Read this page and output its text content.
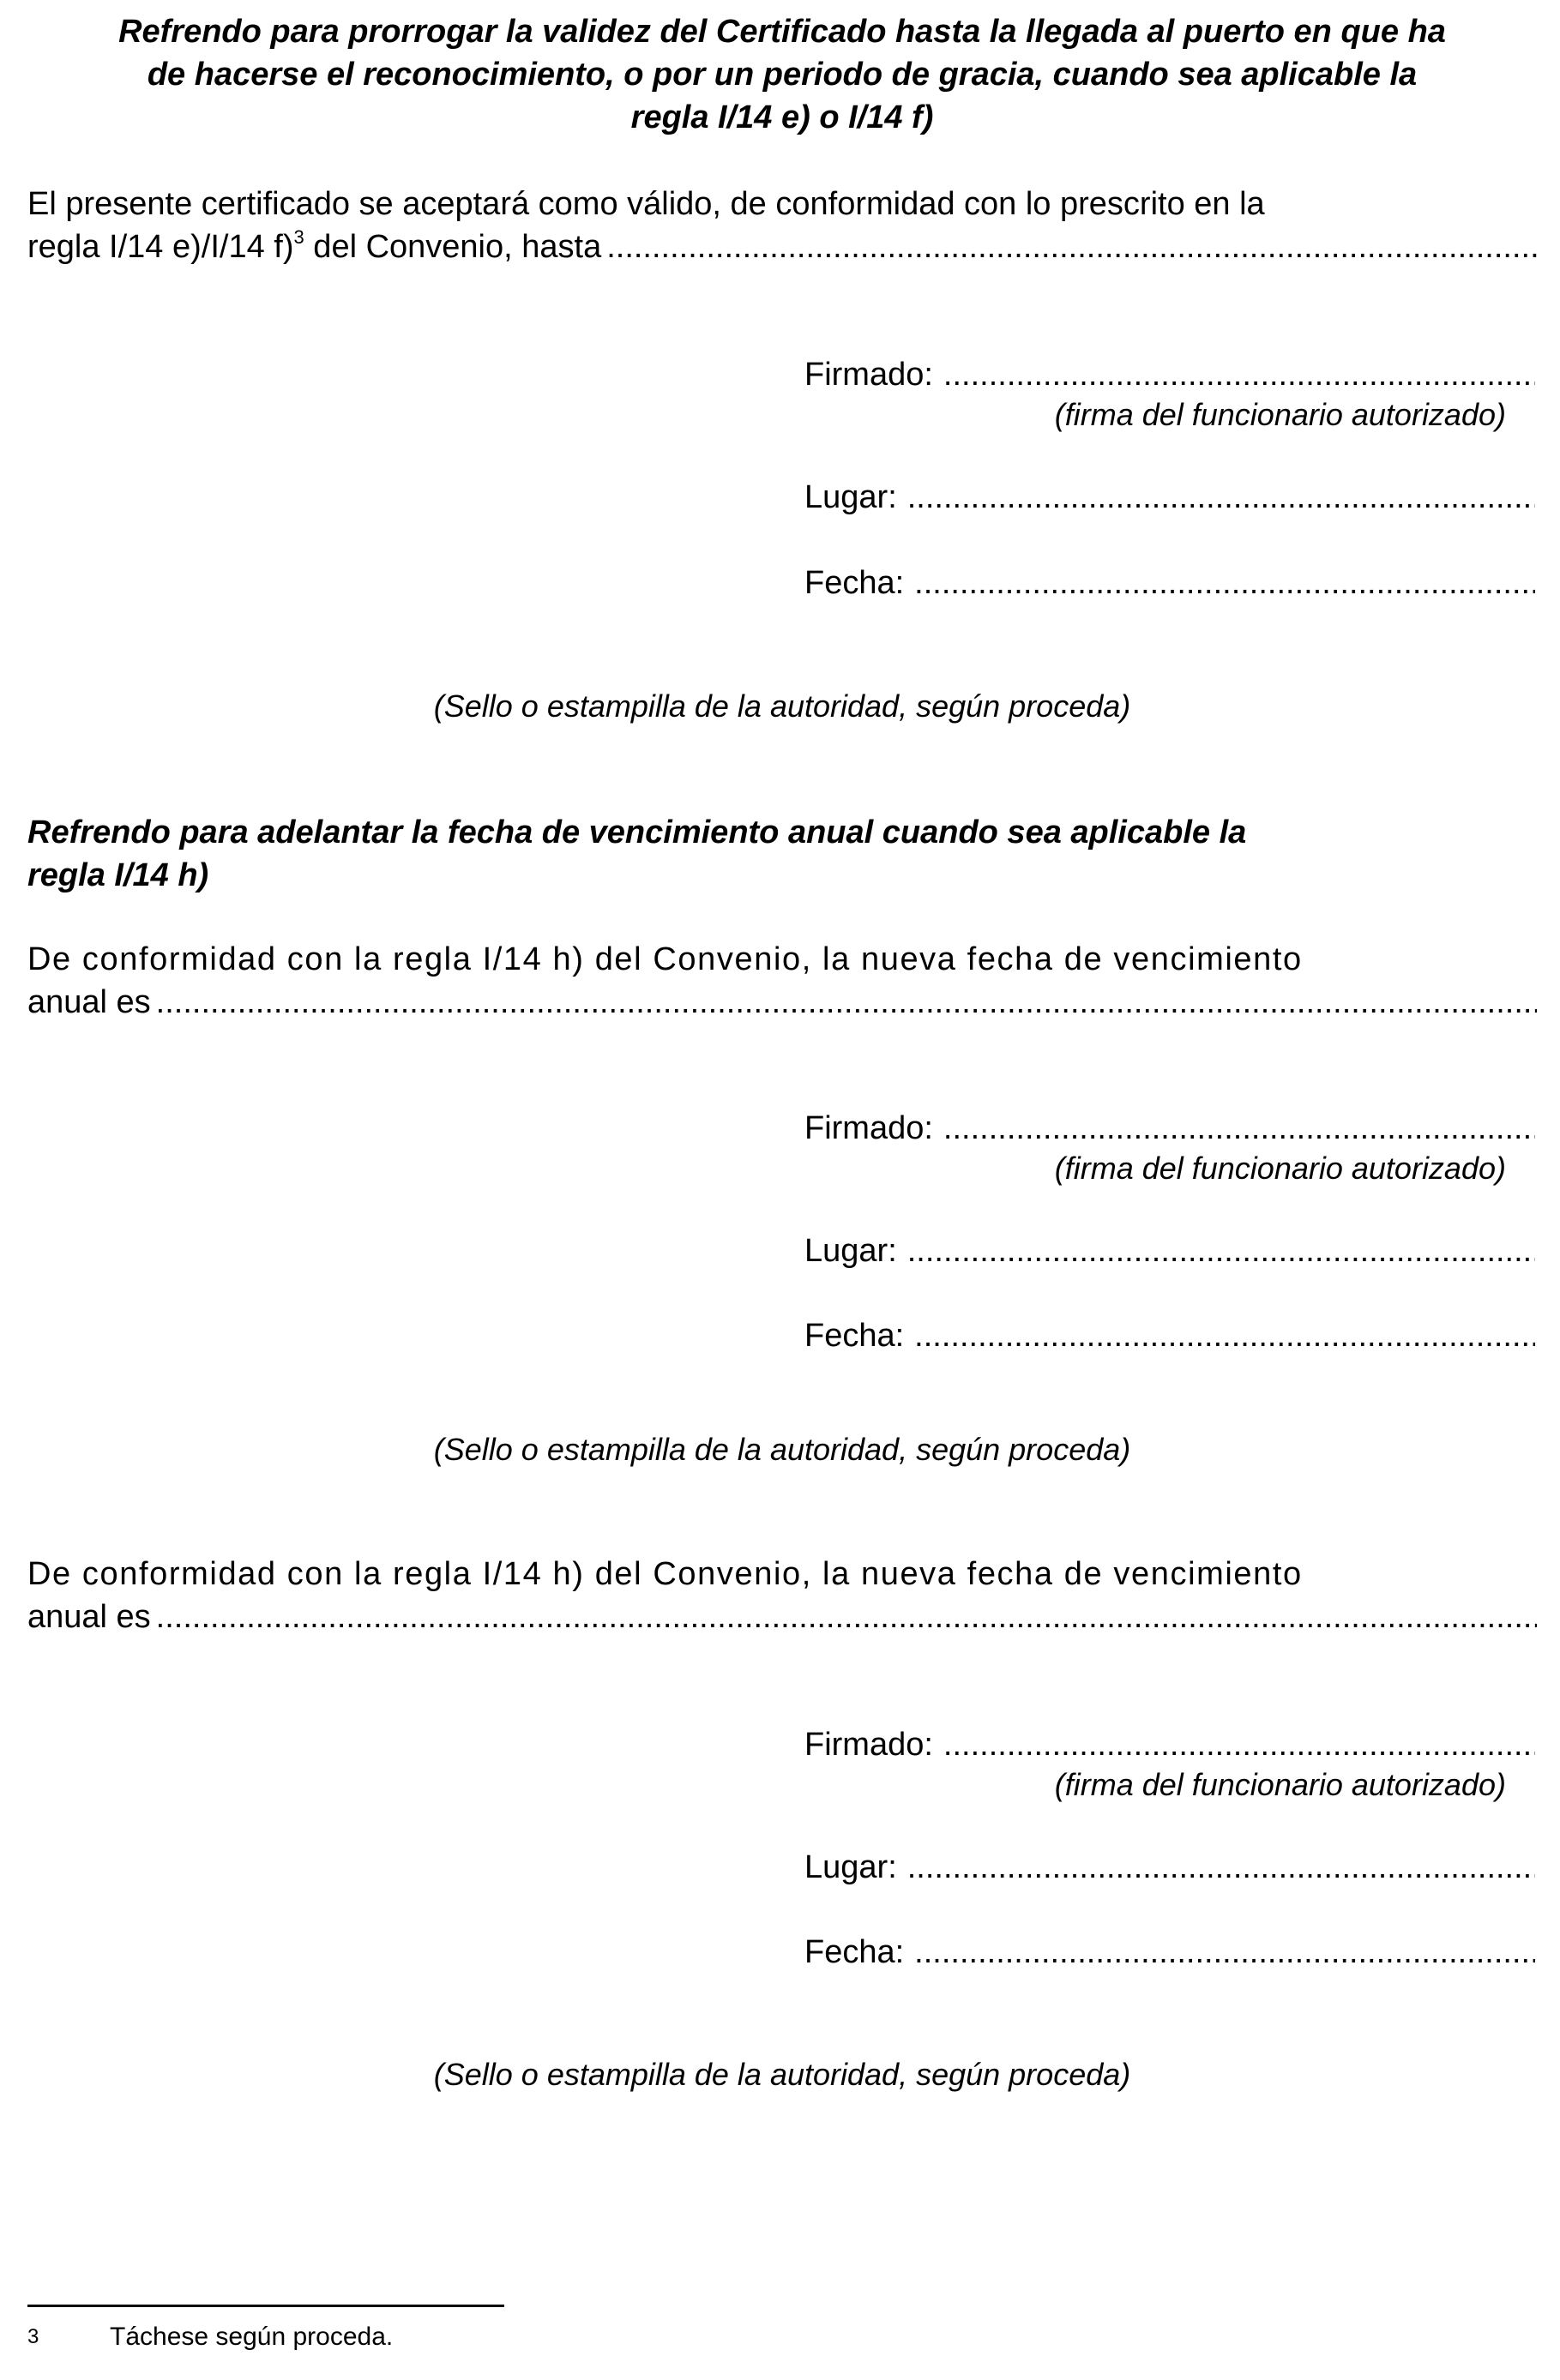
Refrendo para prorrogar la validez del Certificado hasta la llegada al puerto en que ha
de hacerse el reconocimiento, o por un periodo de gracia, cuando sea aplicable la
regla I/14 e) o I/14 f)
El presente certificado se aceptará como válido, de conformidad con lo prescrito en la
regla I/14 e)/I/14 f)$^3$ del Convenio, hasta
.....
Firmado:
.....
(firma del funcionario autorizado)
Lugar:
.....
Fecha:
.....
(Sello o estampilla de la autoridad, según proceda)
Refrendo para adelantar la fecha de vencimiento anual cuando sea aplicable la
regla I/14 h)
De conformidad con la regla I/14 h) del Convenio, la nueva fecha de vencimiento
anual es
.....
Firmado:
.....
(firma del funcionario autorizado)
Lugar:
.....
Fecha:
.....
(Sello o estampilla de la autoridad, según proceda)
De conformidad con la regla I/14 h) del Convenio, la nueva fecha de vencimiento
anual es
.....
Firmado:
.....
(firma del funcionario autorizado)
Lugar:
.....
Fecha:
.....
(Sello o estampilla de la autoridad, según proceda)
3	Táchese según proceda.
